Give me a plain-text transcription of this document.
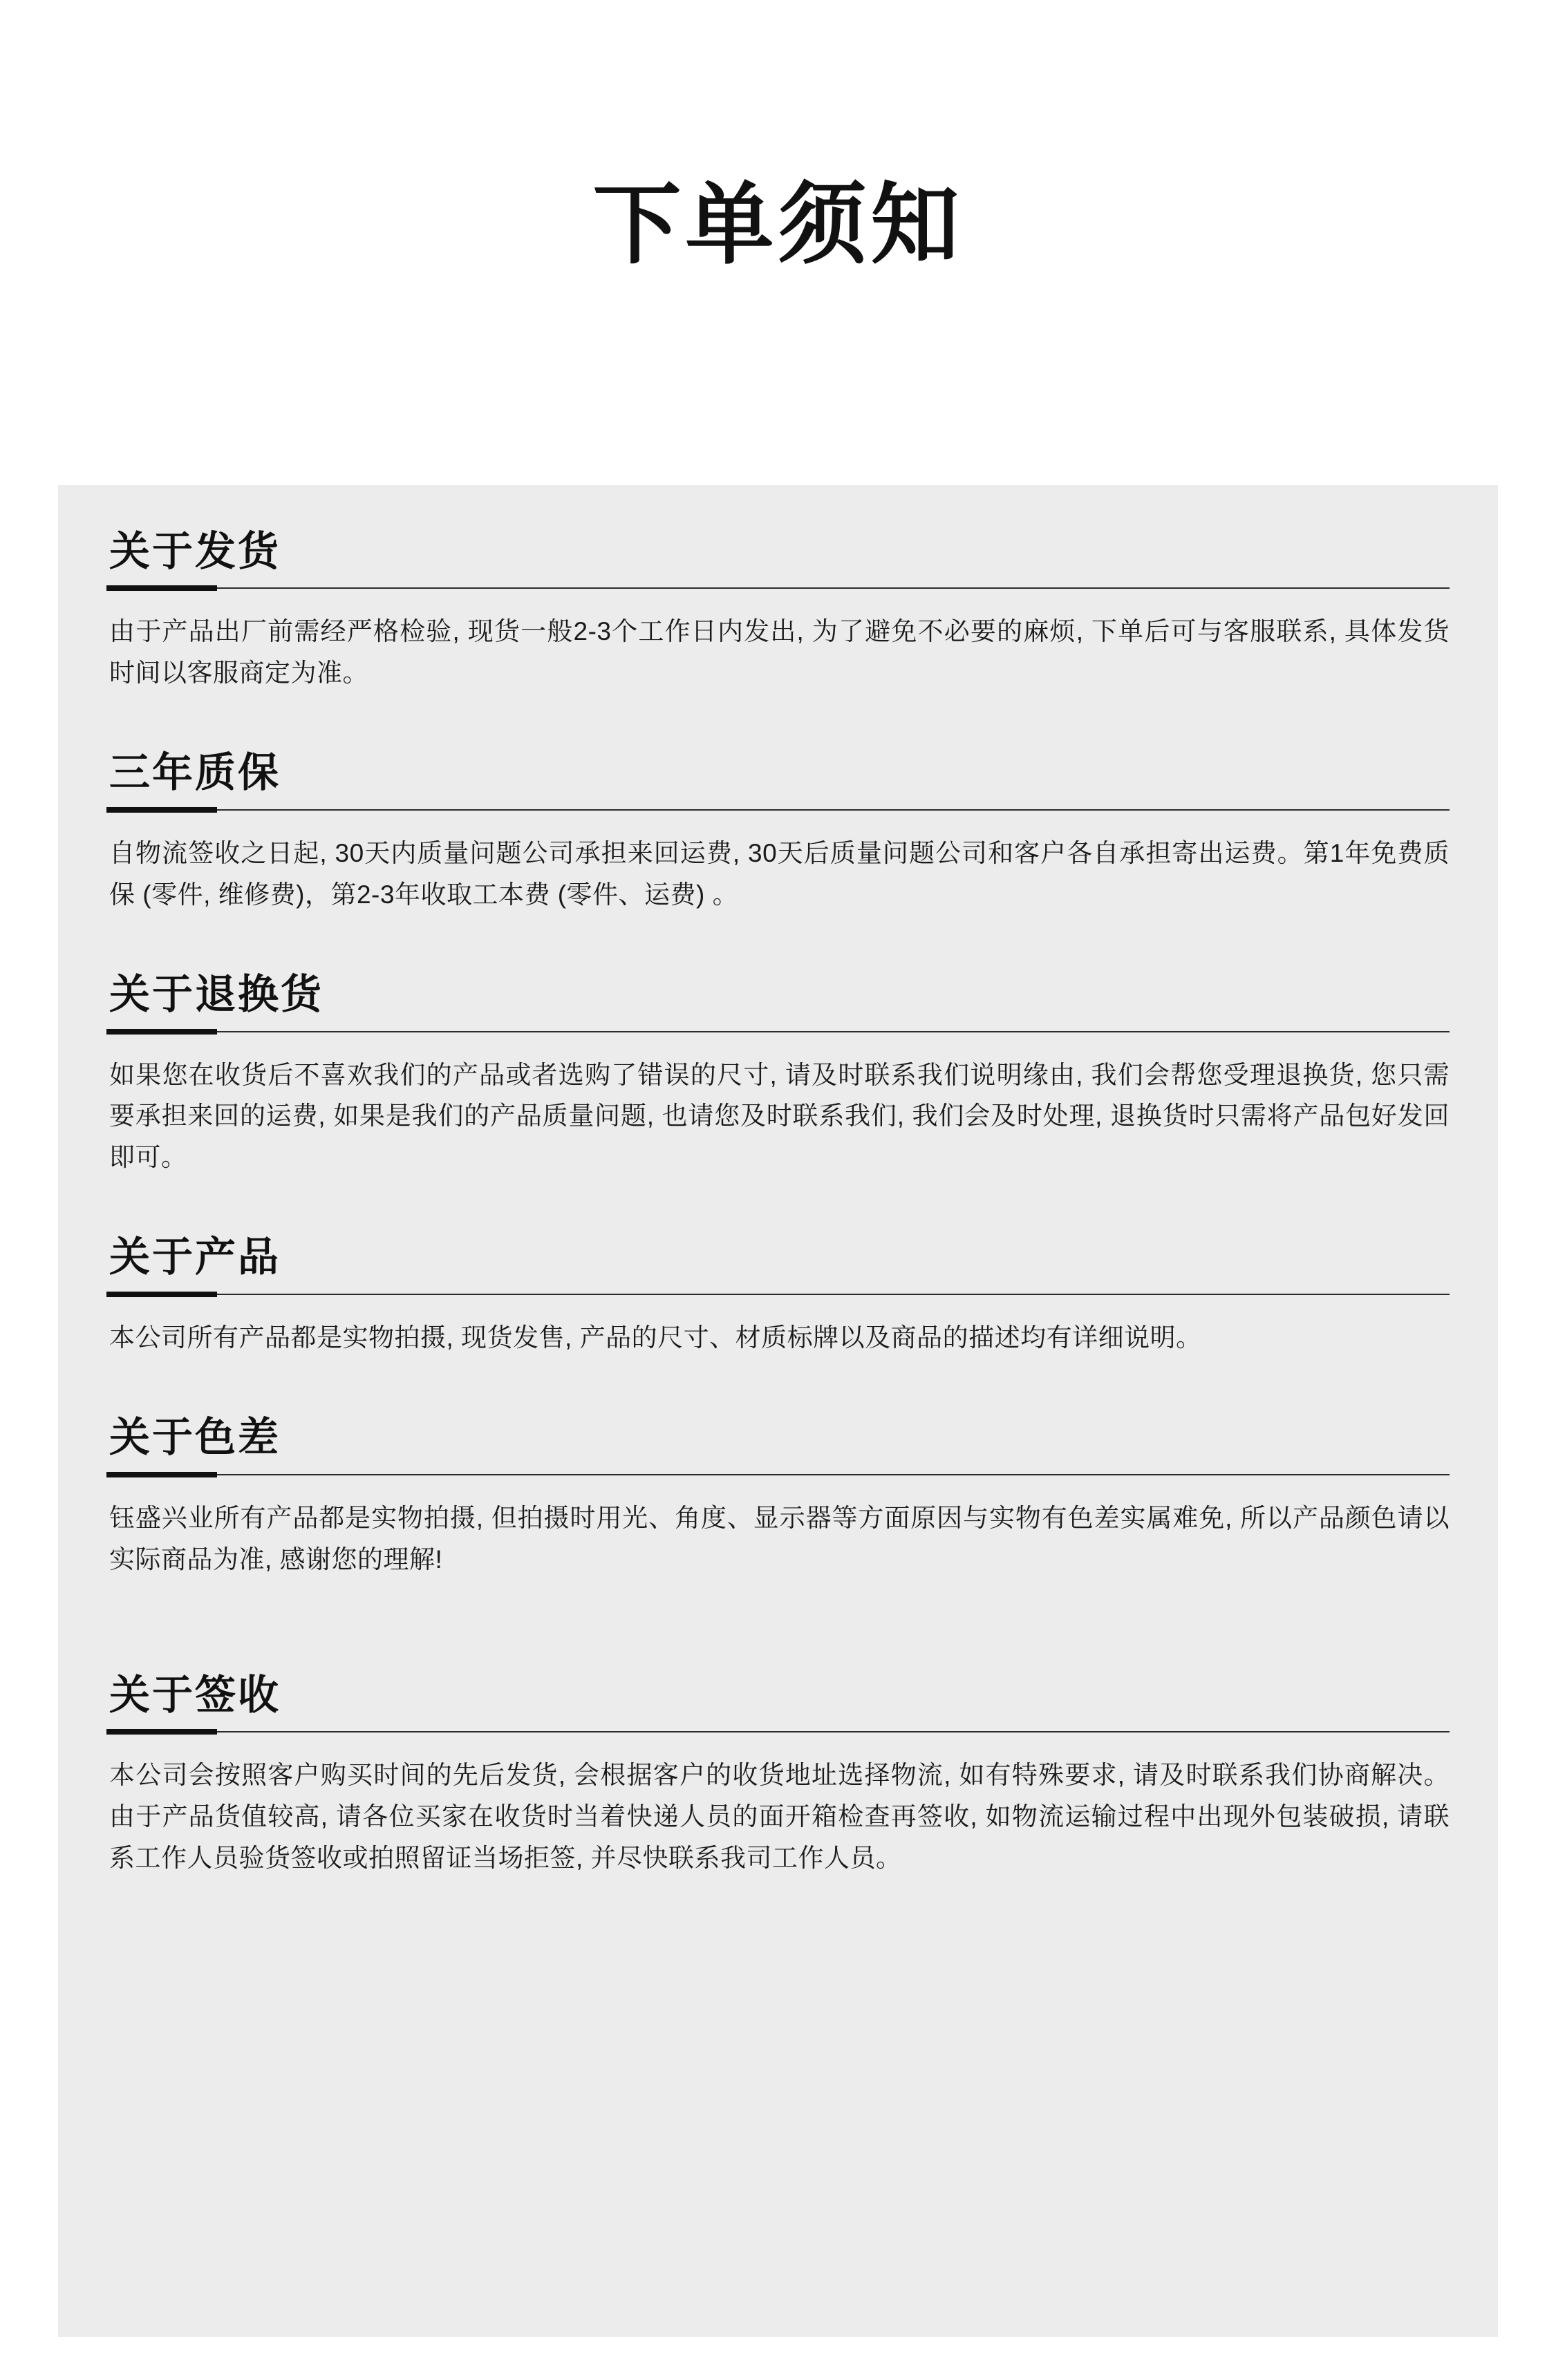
下单须知
关于发货
由于产品出厂前需经严格检验, 现货一般2-3个工作日内发出, 为了避免不必要的麻烦, 下单后可与客服联系, 具体发货时间以客服商定为准。
三年质保
自物流签收之日起, 30天内质量问题公司承担来回运费, 30天后质量问题公司和客户各自承担寄出运费。第1年免费质保 (零件, 维修费)，第2-3年收取工本费 (零件、运费) 。
关于退换货
如果您在收货后不喜欢我们的产品或者选购了错误的尺寸, 请及时联系我们说明缘由, 我们会帮您受理退换货, 您只需要承担来回的运费, 如果是我们的产品质量问题, 也请您及时联系我们, 我们会及时处理, 退换货时只需将产品包好发回即可。
关于产品
本公司所有产品都是实物拍摄, 现货发售, 产品的尺寸、材质标牌以及商品的描述均有详细说明。
关于色差
钰盛兴业所有产品都是实物拍摄, 但拍摄时用光、角度、显示器等方面原因与实物有色差实属难免, 所以产品颜色请以实际商品为准, 感谢您的理解!
关于签收
本公司会按照客户购买时间的先后发货, 会根据客户的收货地址选择物流, 如有特殊要求, 请及时联系我们协商解决。由于产品货值较高, 请各位买家在收货时当着快递人员的面开箱检查再签收, 如物流运输过程中出现外包装破损, 请联系工作人员验货签收或拍照留证当场拒签, 并尽快联系我司工作人员。
